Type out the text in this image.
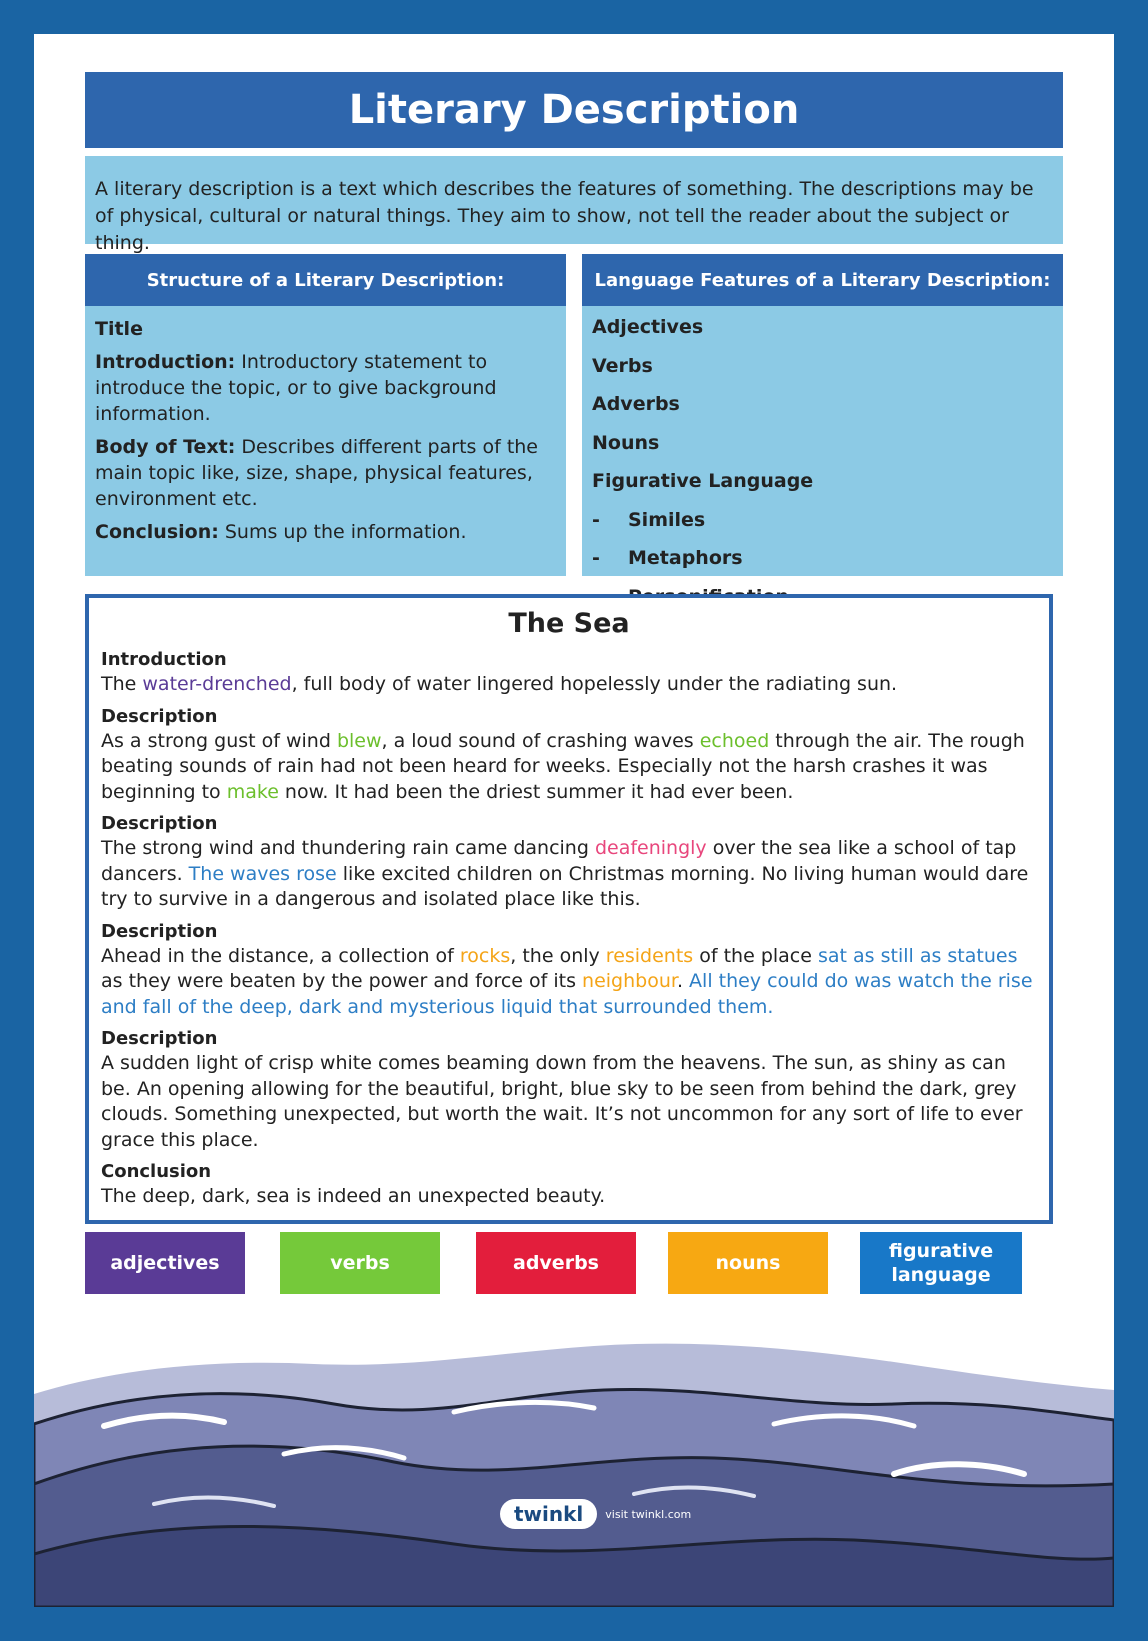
Literary Description
A literary description is a text which describes the features of something. The descriptions may be of physical, cultural or natural things. They aim to show, not tell the reader about the subject or thing.
Structure of a Literary Description:

Title

Introduction: Introductory statement to introduce the topic, or to give background information.

Body of Text: Describes different parts of the main topic like, size, shape, physical features, environment etc.

Conclusion: Sums up the information.

Language Features of a Literary Description:

Adjectives

Verbs

Adverbs

Nouns

Figurative Language

- Similes

- Metaphors

The Sea

Introduction

The water-drenched, full body of water lingered hopelessly under the radiating sun.

Description

As a strong gust of wind blew, a loud sound of crashing waves echoed through the air. The rough beating sounds of rain had not been heard for weeks. Especially not the harsh crashes it was beginning to make now. It had been the driest summer it had ever been.

Description

The strong wind and thundering rain came dancing deafeningly over the sea like a school of tap dancers. The waves rose like excited children on Christmas morning. No living human would dare try to survive in a dangerous and isolated place like this.

Description

Ahead in the distance, a collection of rocks, the only residents of the place sat as still as statues as they were beaten by the power and force of its neighbour. All they could do was watch the rise and fall of the deep, dark and mysterious liquid that surrounded them.

Description

A sudden light of crisp white comes beaming down from the heavens. The sun, as shiny as can be. An opening allowing for the beautiful, bright, blue sky to be seen from behind the dark, grey clouds. Something unexpected, but worth the wait. It’s not uncommon for any sort of life to ever grace this place.

Conclusion

The deep, dark, sea is indeed an unexpected beauty.

adjectives	verbs	adverbs	nouns
figurative language
twinkl	visit twinkl.com
